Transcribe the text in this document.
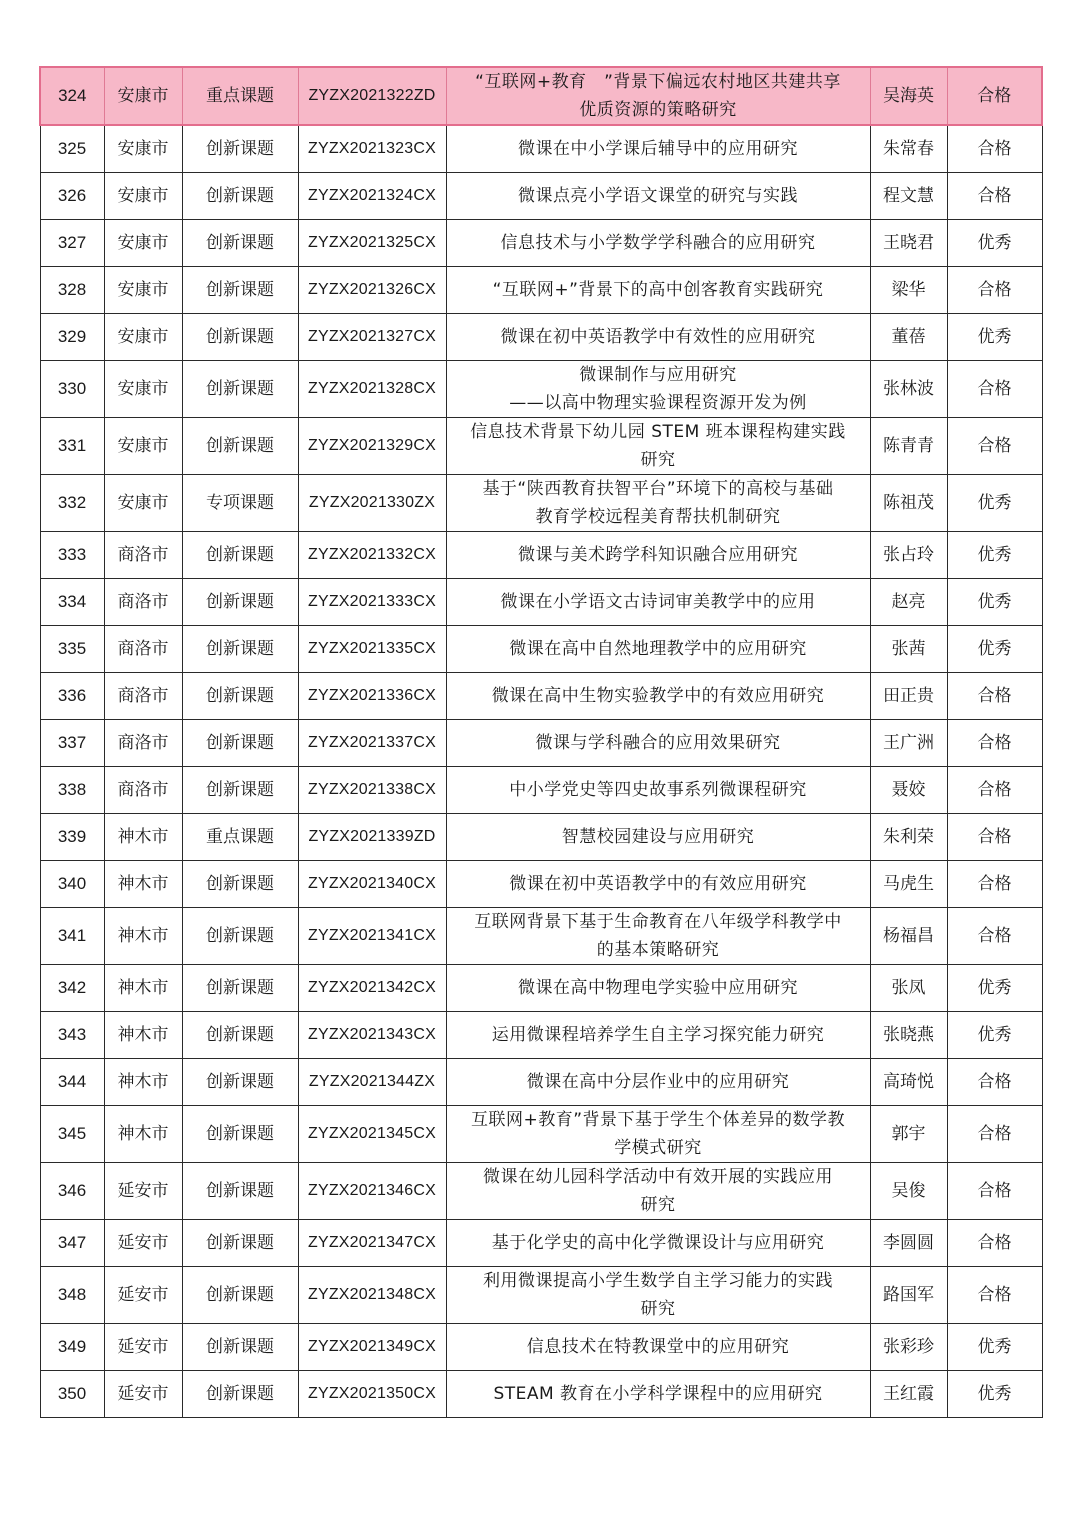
324	安康市	重点课题	ZYZX2021322ZD	“互联网+教育　”背景下偏远农村地区共建共享
优质资源的策略研究	吴海英	合格
325	安康市	创新课题	ZYZX2021323CX	微课在中小学课后辅导中的应用研究	朱常春	合格
326	安康市	创新课题	ZYZX2021324CX	微课点亮小学语文课堂的研究与实践	程文慧	合格
327	安康市	创新课题	ZYZX2021325CX	信息技术与小学数学学科融合的应用研究	王晓君	优秀
328	安康市	创新课题	ZYZX2021326CX	“互联网+”背景下的高中创客教育实践研究	梁华	合格
329	安康市	创新课题	ZYZX2021327CX	微课在初中英语教学中有效性的应用研究	董蓓	优秀
330	安康市	创新课题	ZYZX2021328CX	微课制作与应用研究
——以高中物理实验课程资源开发为例	张林波	合格
331	安康市	创新课题	ZYZX2021329CX	信息技术背景下幼儿园 STEM 班本课程构建实践
研究	陈青青	合格
332	安康市	专项课题	ZYZX2021330ZX	基于“陕西教育扶智平台”环境下的高校与基础
教育学校远程美育帮扶机制研究	陈祖茂	优秀
333	商洛市	创新课题	ZYZX2021332CX	微课与美术跨学科知识融合应用研究	张占玲	优秀
334	商洛市	创新课题	ZYZX2021333CX	微课在小学语文古诗词审美教学中的应用	赵亮	优秀
335	商洛市	创新课题	ZYZX2021335CX	微课在高中自然地理教学中的应用研究	张茜	优秀
336	商洛市	创新课题	ZYZX2021336CX	微课在高中生物实验教学中的有效应用研究	田正贵	合格
337	商洛市	创新课题	ZYZX2021337CX	微课与学科融合的应用效果研究	王广洲	合格
338	商洛市	创新课题	ZYZX2021338CX	中小学党史等四史故事系列微课程研究	聂姣	合格
339	神木市	重点课题	ZYZX2021339ZD	智慧校园建设与应用研究	朱利荣	合格
340	神木市	创新课题	ZYZX2021340CX	微课在初中英语教学中的有效应用研究	马虎生	合格
341	神木市	创新课题	ZYZX2021341CX	互联网背景下基于生命教育在八年级学科教学中
的基本策略研究	杨福昌	合格
342	神木市	创新课题	ZYZX2021342CX	微课在高中物理电学实验中应用研究	张凤	优秀
343	神木市	创新课题	ZYZX2021343CX	运用微课程培养学生自主学习探究能力研究	张晓燕	优秀
344	神木市	创新课题	ZYZX2021344ZX	微课在高中分层作业中的应用研究	高琦悦	合格
345	神木市	创新课题	ZYZX2021345CX	互联网+教育”背景下基于学生个体差异的数学教
学模式研究	郭宇	合格
346	延安市	创新课题	ZYZX2021346CX	微课在幼儿园科学活动中有效开展的实践应用
研究	吴俊	合格
347	延安市	创新课题	ZYZX2021347CX	基于化学史的高中化学微课设计与应用研究	李圆圆	合格
348	延安市	创新课题	ZYZX2021348CX	利用微课提高小学生数学自主学习能力的实践
研究	路国军	合格
349	延安市	创新课题	ZYZX2021349CX	信息技术在特教课堂中的应用研究	张彩珍	优秀
350	延安市	创新课题	ZYZX2021350CX	STEAM 教育在小学科学课程中的应用研究	王红霞	优秀
